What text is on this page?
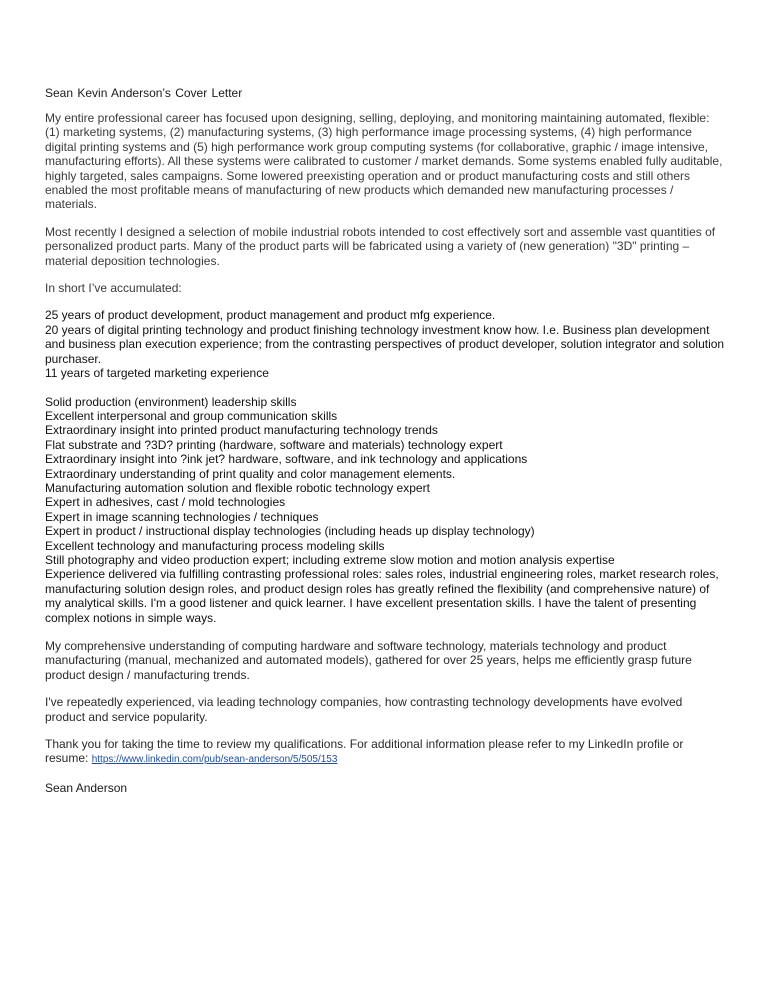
Sean Kevin Anderson’s Cover Letter

My entire professional career has focused upon designing, selling, deploying, and monitoring maintaining automated, flexible: (1) marketing systems, (2) manufacturing systems, (3) high performance image processing systems, (4) high performance digital printing systems and (5) high performance work group computing systems (for collaborative, graphic / image intensive, manufacturing efforts). All these systems were calibrated to customer / market demands. Some systems enabled fully auditable, highly targeted, sales campaigns. Some lowered preexisting operation and or product manufacturing costs and still others enabled the most profitable means of manufacturing of new products which demanded new manufacturing processes / materials.

Most recently I designed a selection of mobile industrial robots intended to cost effectively sort and assemble vast quantities of personalized product parts. Many of the product parts will be fabricated using a variety of (new generation) "3D" printing – material deposition technologies.

In short I’ve accumulated:

25 years of product development, product management and product mfg experience.
20 years of digital printing technology and product finishing technology investment know how. I.e. Business plan development and business plan execution experience; from the contrasting perspectives of product developer, solution integrator and solution purchaser.
11 years of targeted marketing experience
Solid production (environment) leadership skills
Excellent interpersonal and group communication skills
Extraordinary insight into printed product manufacturing technology trends
Flat substrate and ?3D? printing (hardware, software and materials) technology expert
Extraordinary insight into ?ink jet? hardware, software, and ink technology and applications
Extraordinary understanding of print quality and color management elements.
Manufacturing automation solution and flexible robotic technology expert
Expert in adhesives, cast / mold technologies
Expert in image scanning technologies / techniques
Expert in product / instructional display technologies (including heads up display technology)
Excellent technology and manufacturing process modeling skills
Still photography and video production expert; including extreme slow motion and motion analysis expertise
Experience delivered via fulfilling contrasting professional roles: sales roles, industrial engineering roles, market research roles, manufacturing solution design roles, and product design roles has greatly refined the flexibility (and comprehensive nature) of my analytical skills. I'm a good listener and quick learner. I have excellent presentation skills. I have the talent of presenting complex notions in simple ways.

My comprehensive understanding of computing hardware and software technology, materials technology and product manufacturing (manual, mechanized and automated models), gathered for over 25 years, helps me efficiently grasp future product design / manufacturing trends.

I've repeatedly experienced, via leading technology companies, how contrasting technology developments have evolved product and service popularity.

Thank you for taking the time to review my qualifications. For additional information please refer to my LinkedIn profile or resume: https://www.linkedin.com/pub/sean-anderson/5/505/153

Sean Anderson
